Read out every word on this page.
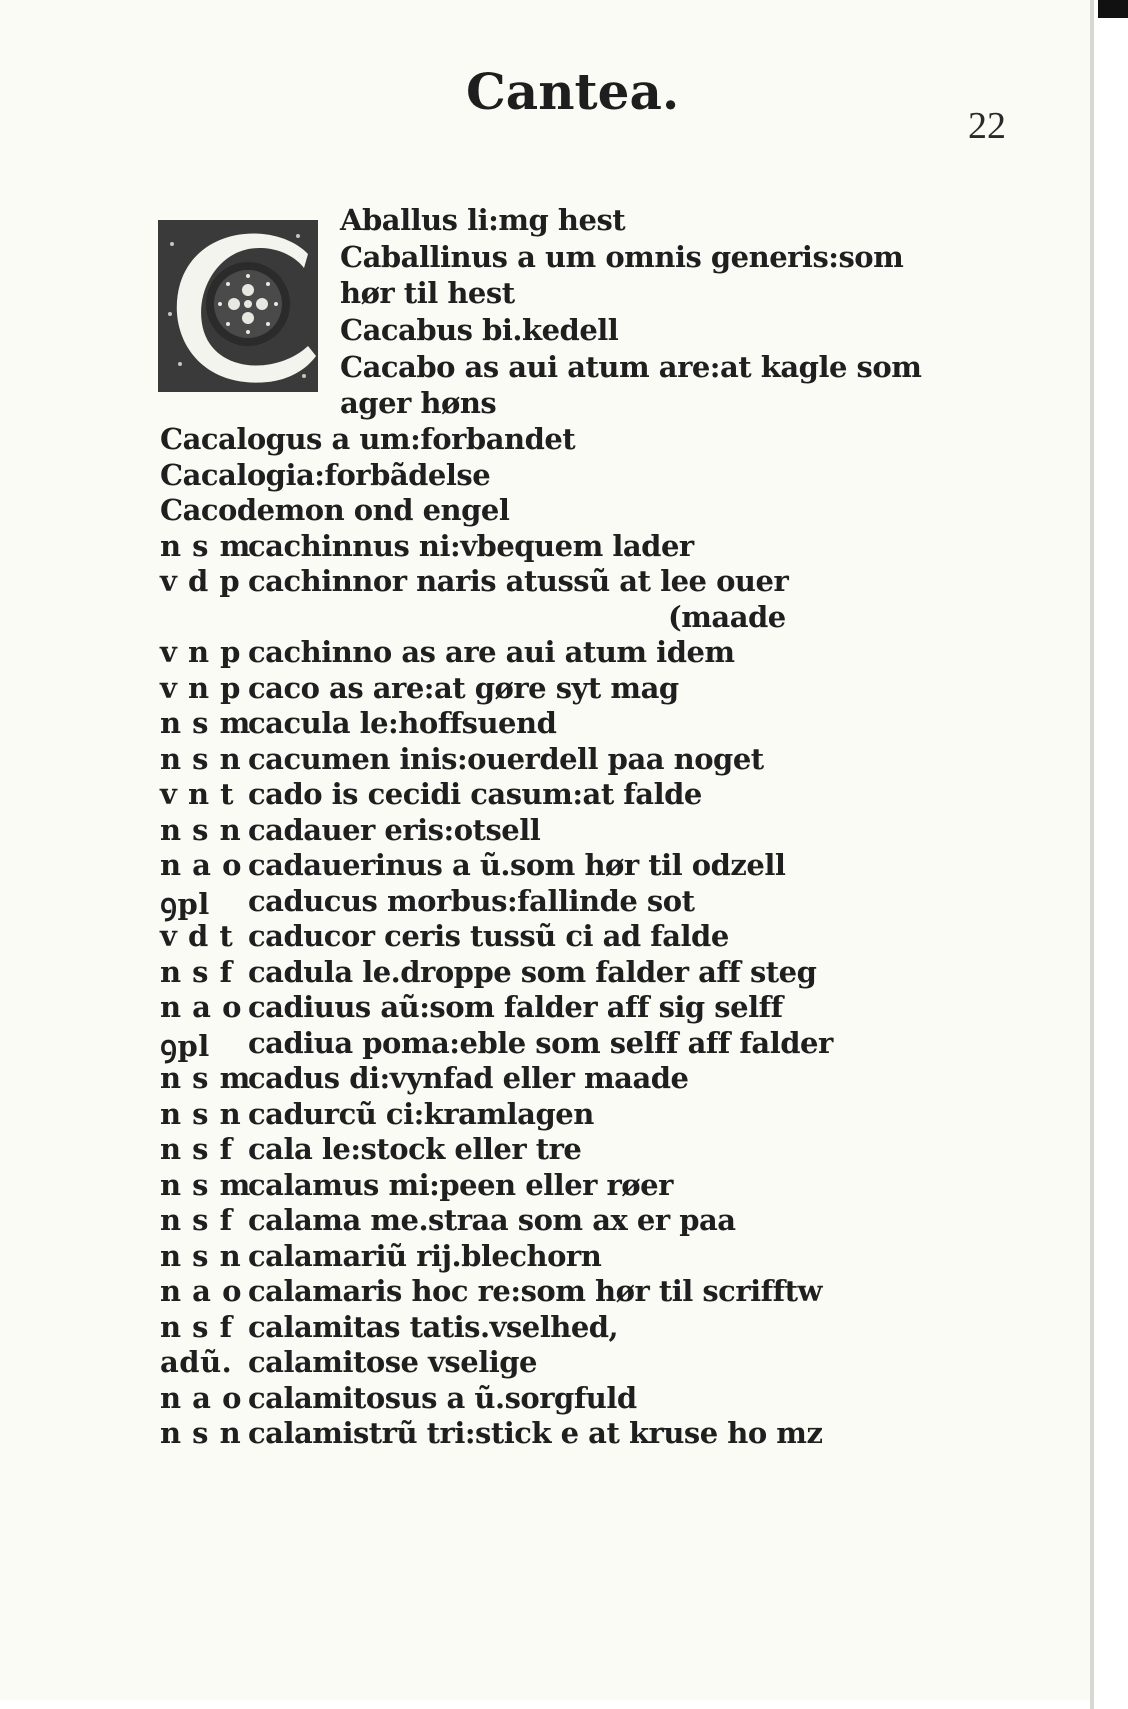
Cantea.
22
Aballus li:mg hest
Caballinus a um omnis generis:som
hør til hest
Cacabus bi.kedell
Cacabo as aui atum are:at kagle som
ager høns
Cacalogus a um:forbandet
Cacalogia:forbãdelse
Cacodemon ond engel
n s m
cachinnus ni:vbequem lader
v d p cachinnor naris atussũ at lee ouer
(maade
v n p cachinno as are aui atum idem
v n p caco as are:at gøre syt mag
n s m
cacula le:hoffsuend
n s n cacumen inis:ouerdell paa noget
v n t cado is cecidi casum:at falde
n s n cadauer eris:otsell
n a o cadauerinus a ũ.som hør til odzell
ꝯpl caducus morbus:fallinde sot
v d t caducor ceris tussũ ci ad falde
n s f cadula le.droppe som falder aff steg
n a o cadiuus aũ:som falder aff sig selff
ꝯpl cadiua poma:eble som selff aff falder
n s m
cadus di:vynfad eller maade
n s n cadurcũ ci:kramlagen
n s f cala le:stock eller tre
n s m
calamus mi:peen eller røer
n s f calama me.straa som ax er paa
n s n calamariũ rij.blechorn
n a o calamaris hoc re:som hør til scrifftw
n s f calamitas tatis.vselhed,
adũ. calamitose vselige
n a o calamitosus a ũ.sorgfuld
n s n calamistrũ tri:stick e at kruse ho mz
